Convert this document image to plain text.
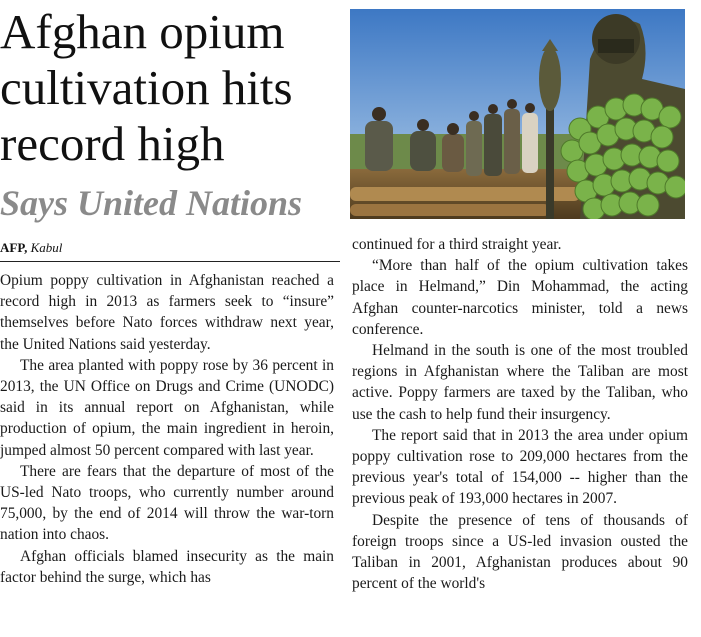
Afghan opium cultivation hits record high
Says United Nations
AFP, Kabul

Opium poppy cultivation in Afghanistan reached a record high in 2013 as farmers seek to “insure” themselves before Nato forces withdraw next year, the United Nations said yesterday.

The area planted with poppy rose by 36 percent in 2013, the UN Office on Drugs and Crime (UNODC) said in its annual report on Afghanistan, while production of opium, the main ingredient in heroin, jumped almost 50 percent compared with last year.

There are fears that the departure of most of the US-led Nato troops, who currently number around 75,000, by the end of 2014 will throw the war-torn nation into chaos.

Afghan officials blamed insecurity as the main factor behind the surge, which has

continued for a third straight year.

“More than half of the opium cultivation takes place in Helmand,” Din Mohammad, the acting Afghan counter-narcotics minister, told a news conference.

Helmand in the south is one of the most troubled regions in Afghanistan where the Taliban are most active. Poppy farmers are taxed by the Taliban, who use the cash to help fund their insurgency.

The report said that in 2013 the area under opium poppy cultivation rose to 209,000 hectares from the previous year's total of 154,000 -- higher than the previous peak of 193,000 hectares in 2007.

Despite the presence of tens of thousands of foreign troops since a US-led invasion ousted the Taliban in 2001, Afghanistan produces about 90 percent of the world's
